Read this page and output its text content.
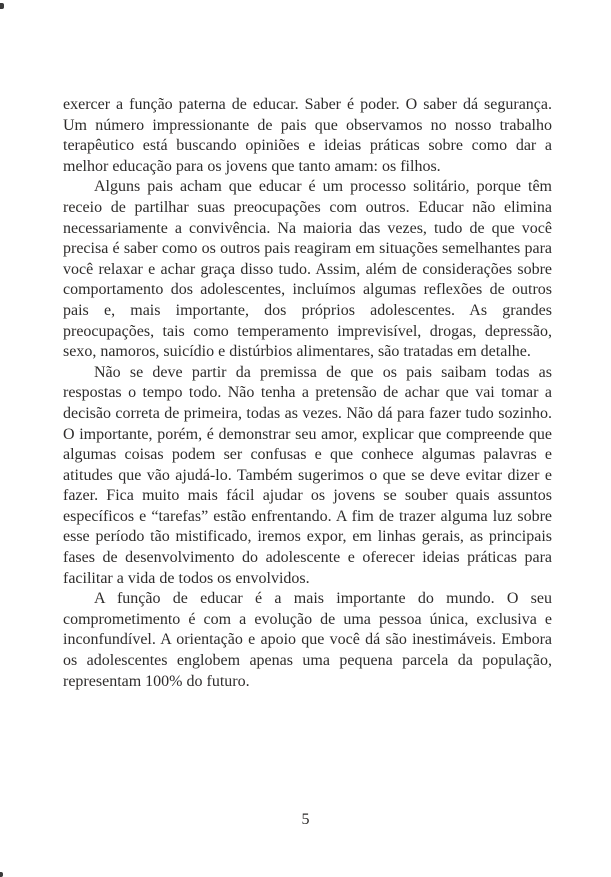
exercer a função paterna de educar. Saber é poder. O saber dá segurança. Um número impressionante de pais que observamos no nosso trabalho terapêutico está buscando opiniões e ideias práticas sobre como dar a melhor educação para os jovens que tanto amam: os filhos.

Alguns pais acham que educar é um processo solitário, porque têm receio de partilhar suas preocupações com outros. Educar não elimina necessariamente a convivência. Na maioria das vezes, tudo de que você precisa é saber como os outros pais reagiram em situações semelhantes para você relaxar e achar graça disso tudo. Assim, além de considerações sobre comportamento dos adolescentes, incluímos algumas reflexões de outros pais e, mais importante, dos próprios adolescentes. As grandes preocupações, tais como temperamento imprevisível, drogas, depressão, sexo, namoros, suicídio e distúrbios alimentares, são tratadas em detalhe.

Não se deve partir da premissa de que os pais saibam todas as respostas o tempo todo. Não tenha a pretensão de achar que vai tomar a decisão correta de primeira, todas as vezes. Não dá para fazer tudo sozinho. O importante, porém, é demonstrar seu amor, explicar que compreende que algumas coisas podem ser confusas e que conhece algumas palavras e atitudes que vão ajudá-lo. Também sugerimos o que se deve evitar dizer e fazer. Fica muito mais fácil ajudar os jovens se souber quais assuntos específicos e “tarefas” estão enfrentando. A fim de trazer alguma luz sobre esse período tão mistificado, iremos expor, em linhas gerais, as principais fases de desenvolvimento do adolescente e oferecer ideias práticas para facilitar a vida de todos os envolvidos.

A função de educar é a mais importante do mundo. O seu comprometimento é com a evolução de uma pessoa única, exclusiva e inconfundível. A orientação e apoio que você dá são inestimáveis. Embora os adolescentes englobem apenas uma pequena parcela da população, representam 100% do futuro.

5
